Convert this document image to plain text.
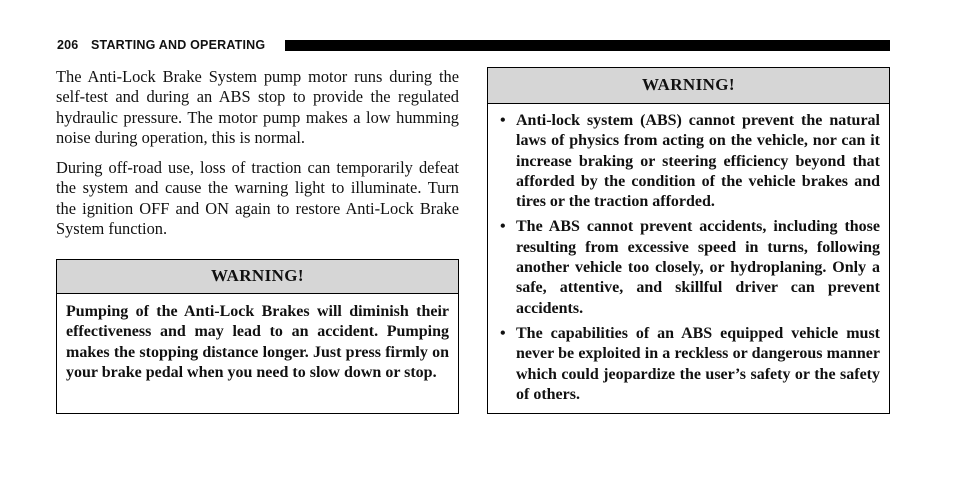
206 STARTING AND OPERATING

The Anti-Lock Brake System pump motor runs during the self-test and during an ABS stop to provide the regulated hydraulic pressure. The motor pump makes a low humming noise during operation, this is normal.

During off-road use, loss of traction can temporarily defeat the system and cause the warning light to illuminate. Turn the ignition OFF and ON again to restore Anti-Lock Brake System function.

WARNING!

Pumping of the Anti-Lock Brakes will diminish their effectiveness and may lead to an accident. Pumping makes the stopping distance longer. Just press firmly on your brake pedal when you need to slow down or stop.

WARNING!
• Anti-lock system (ABS) cannot prevent the natural laws of physics from acting on the vehicle, nor can it increase braking or steering efficiency beyond that afforded by the condition of the vehicle brakes and tires or the traction afforded.
• The ABS cannot prevent accidents, including those resulting from excessive speed in turns, following another vehicle too closely, or hydroplaning. Only a safe, attentive, and skillful driver can prevent accidents.
• The capabilities of an ABS equipped vehicle must never be exploited in a reckless or dangerous manner which could jeopardize the user’s safety or the safety of others.
